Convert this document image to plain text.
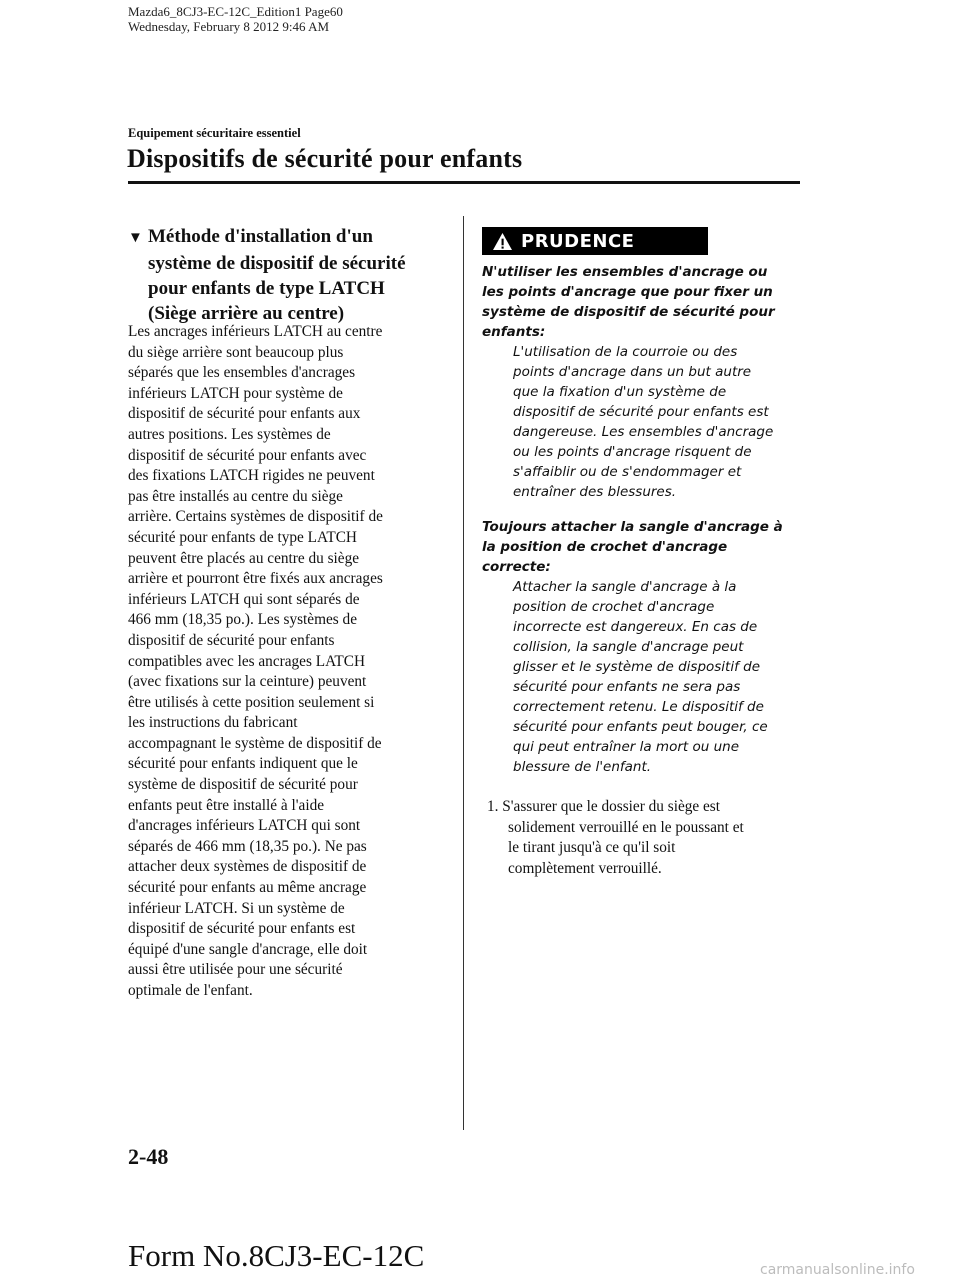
Mazda6_8CJ3-EC-12C_Edition1 Page60
Wednesday, February 8 2012 9:46 AM
Equipement sécuritaire essentiel
Dispositifs de sécurité pour enfants
▼ Méthode d'installation d'un
système de dispositif de sécurité
pour enfants de type LATCH
(Siège arrière au centre)
Les ancrages inférieurs LATCH au centre
du siège arrière sont beaucoup plus
séparés que les ensembles d'ancrages
inférieurs LATCH pour système de
dispositif de sécurité pour enfants aux
autres positions. Les systèmes de
dispositif de sécurité pour enfants avec
des fixations LATCH rigides ne peuvent
pas être installés au centre du siège
arrière. Certains systèmes de dispositif de
sécurité pour enfants de type LATCH
peuvent être placés au centre du siège
arrière et pourront être fixés aux ancrages
inférieurs LATCH qui sont séparés de
466 mm (18,35 po.). Les systèmes de
dispositif de sécurité pour enfants
compatibles avec les ancrages LATCH
(avec fixations sur la ceinture) peuvent
être utilisés à cette position seulement si
les instructions du fabricant
accompagnant le système de dispositif de
sécurité pour enfants indiquent que le
système de dispositif de sécurité pour
enfants peut être installé à l'aide
d'ancrages inférieurs LATCH qui sont
séparés de 466 mm (18,35 po.). Ne pas
attacher deux systèmes de dispositif de
sécurité pour enfants au même ancrage
inférieur LATCH. Si un système de
dispositif de sécurité pour enfants est
équipé d'une sangle d'ancrage, elle doit
aussi être utilisée pour une sécurité
optimale de l'enfant.
PRUDENCE
N'utiliser les ensembles d'ancrage ou
les points d'ancrage que pour fixer un
système de dispositif de sécurité pour
enfants:
L'utilisation de la courroie ou des
points d'ancrage dans un but autre
que la fixation d'un système de
dispositif de sécurité pour enfants est
dangereuse. Les ensembles d'ancrage
ou les points d'ancrage risquent de
s'affaiblir ou de s'endommager et
entraîner des blessures.
Toujours attacher la sangle d'ancrage à
la position de crochet d'ancrage
correcte:
Attacher la sangle d'ancrage à la
position de crochet d'ancrage
incorrecte est dangereux. En cas de
collision, la sangle d'ancrage peut
glisser et le système de dispositif de
sécurité pour enfants ne sera pas
correctement retenu. Le dispositif de
sécurité pour enfants peut bouger, ce
qui peut entraîner la mort ou une
blessure de l'enfant.
1. S'assurer que le dossier du siège est
solidement verrouillé en le poussant et
le tirant jusqu'à ce qu'il soit
complètement verrouillé.
2-48
Form No.8CJ3-EC-12C	carmanualsonline.info
